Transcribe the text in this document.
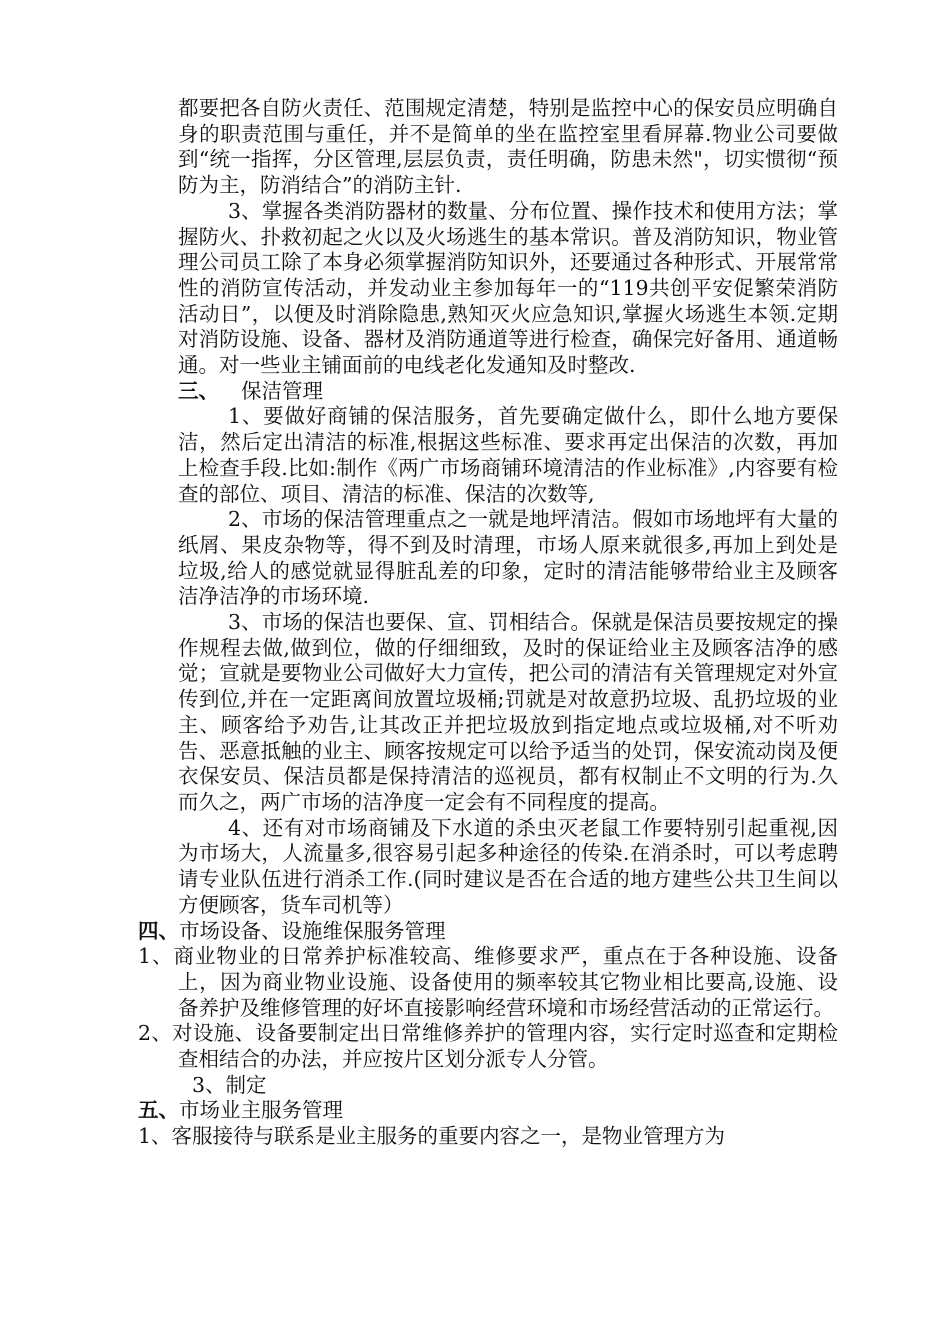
都要把各自防火责任、范围规定清楚，特别是监控中心的保安员应明确自身的职责范围与重任，并不是简单的坐在监控室里看屏幕.物业公司要做到“统一指挥，分区管理,层层负责，责任明确，防患未然"，切实惯彻“预防为主，防消结合”的消防主针.

3、掌握各类消防器材的数量、分布位置、操作技术和使用方法；掌握防火、扑救初起之火以及火场逃生的基本常识。普及消防知识，物业管理公司员工除了本身必须掌握消防知识外，还要通过各种形式、开展常常性的消防宣传活动，并发动业主参加每年一的“119共创平安促繁荣消防活动日”，以便及时消除隐患,熟知灭火应急知识,掌握火场逃生本领.定期对消防设施、设备、器材及消防通道等进行检查，确保完好备用、通道畅通。对一些业主铺面前的电线老化发通知及时整改.

三、 保洁管理

1、要做好商铺的保洁服务，首先要确定做什么，即什么地方要保洁，然后定出清洁的标准,根据这些标准、要求再定出保洁的次数，再加上检查手段.比如:制作《两广市场商铺环境清洁的作业标准》,内容要有检查的部位、项目、清洁的标准、保洁的次数等,

2、市场的保洁管理重点之一就是地坪清洁。假如市场地坪有大量的纸屑、果皮杂物等，得不到及时清理，市场人原来就很多,再加上到处是垃圾,给人的感觉就显得脏乱差的印象，定时的清洁能够带给业主及顾客洁净洁净的市场环境.

3、市场的保洁也要保、宣、罚相结合。保就是保洁员要按规定的操作规程去做,做到位，做的仔细细致，及时的保证给业主及顾客洁净的感觉；宣就是要物业公司做好大力宣传，把公司的清洁有关管理规定对外宣传到位,并在一定距离间放置垃圾桶;罚就是对故意扔垃圾、乱扔垃圾的业主、顾客给予劝告,让其改正并把垃圾放到指定地点或垃圾桶,对不听劝告、恶意抵触的业主、顾客按规定可以给予适当的处罚，保安流动岗及便衣保安员、保洁员都是保持清洁的巡视员，都有权制止不文明的行为.久而久之，两广市场的洁净度一定会有不同程度的提高。

4、还有对市场商铺及下水道的杀虫灭老鼠工作要特别引起重视,因为市场大，人流量多,很容易引起多种途径的传染.在消杀时，可以考虑聘请专业队伍进行消杀工作.(同时建议是否在合适的地方建些公共卫生间以方便顾客，货车司机等）

四、市场设备、设施维保服务管理

1、商业物业的日常养护标准较高、维修要求严，重点在于各种设施、设备上，因为商业物业设施、设备使用的频率较其它物业相比要高,设施、设备养护及维修管理的好坏直接影响经营环境和市场经营活动的正常运行。

2、对设施、设备要制定出日常维修养护的管理内容，实行定时巡查和定期检查相结合的办法，并应按片区划分派专人分管。

3、制定

五、市场业主服务管理

1、客服接待与联系是业主服务的重要内容之一，是物业管理方为
